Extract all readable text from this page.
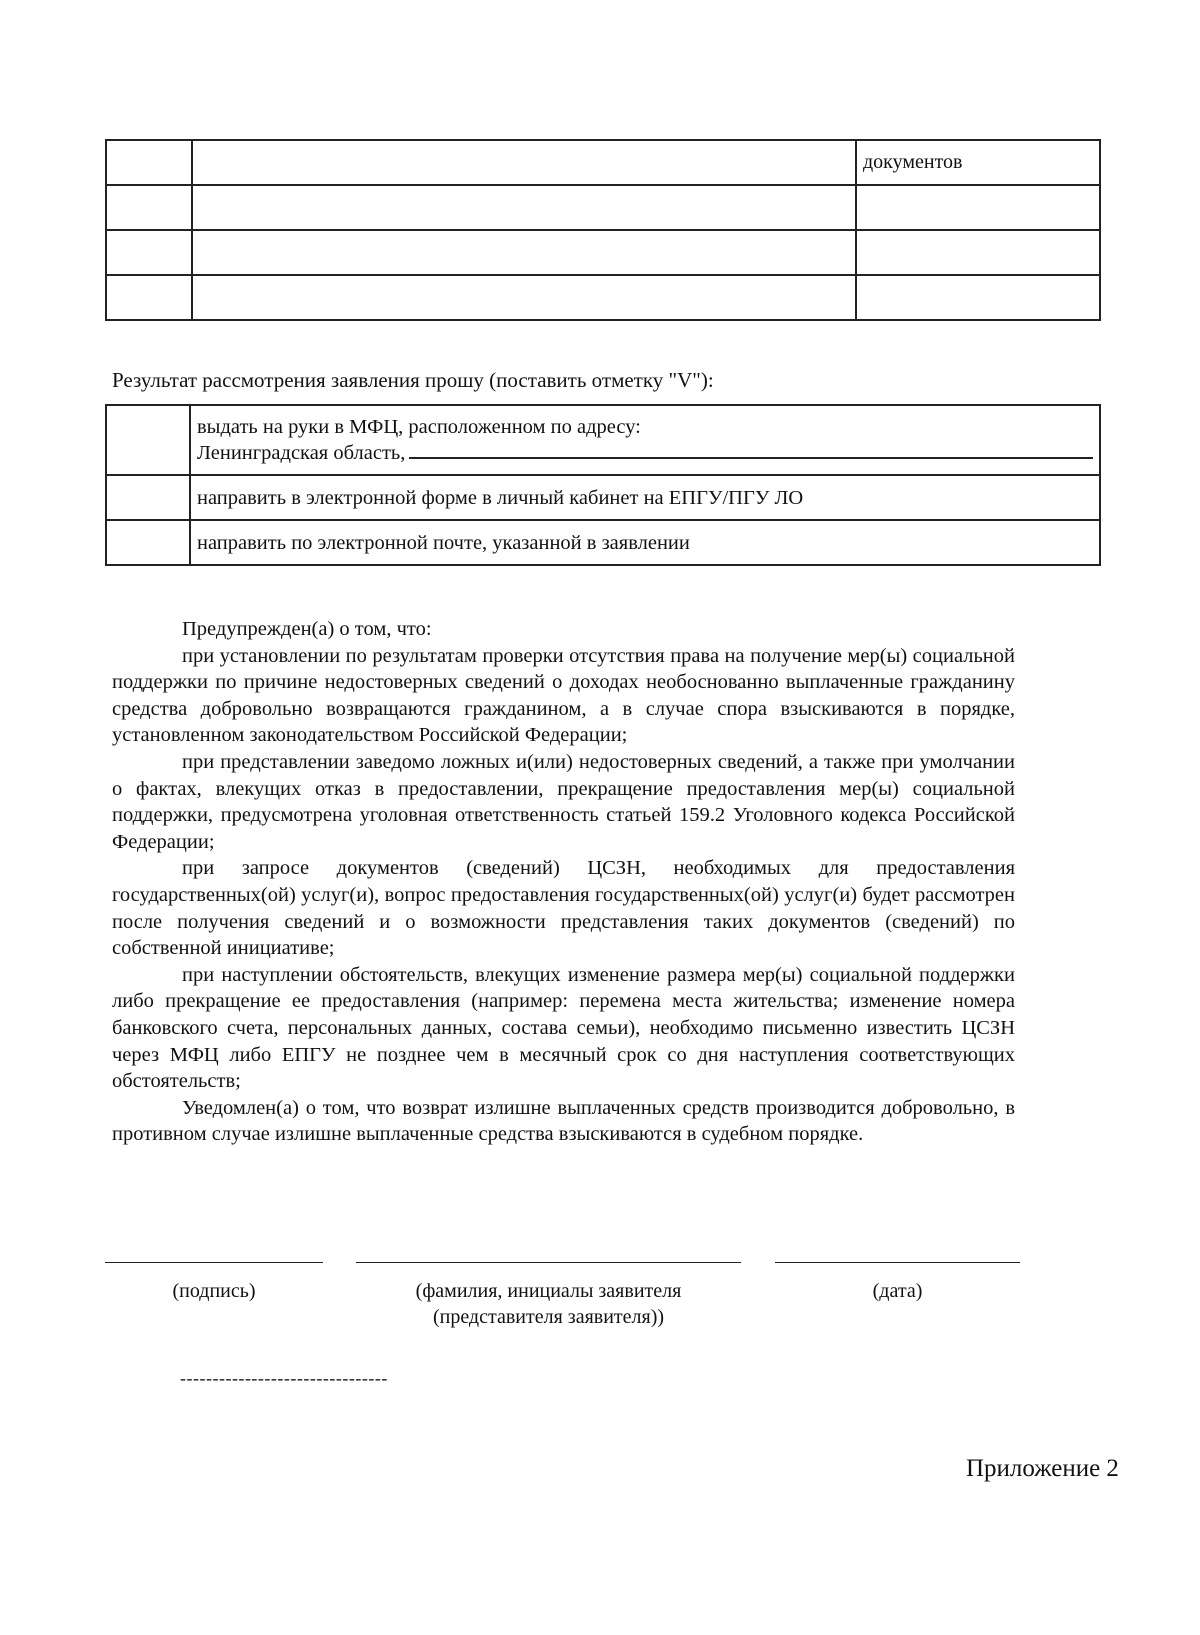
		документов

Результат рассмотрения заявления прошу (поставить отметку "V"):

	выдать на руки в МФЦ, расположенном по адресу:
Ленинградская область,

	направить в электронной форме в личный кабинет на ЕПГУ/ПГУ ЛО
	направить по электронной почте, указанной в заявлении

Предупрежден(а) о том, что:

при установлении по результатам проверки отсутствия права на получение мер(ы) социальной поддержки по причине недостоверных сведений о доходах необоснованно выплаченные гражданину средства добровольно возвращаются гражданином, а в случае спора взыскиваются в порядке, установленном законодательством Российской Федерации;

при представлении заведомо ложных и(или) недостоверных сведений, а также при умолчании о фактах, влекущих отказ в предоставлении, прекращение предоставления мер(ы) социальной поддержки, предусмотрена уголовная ответственность статьей 159.2 Уголовного кодекса Российской Федерации;

при запросе документов (сведений) ЦСЗН, необходимых для предоставления государственных(ой) услуг(и), вопрос предоставления государственных(ой) услуг(и) будет рассмотрен после получения сведений и о возможности представления таких документов (сведений) по собственной инициативе;

при наступлении обстоятельств, влекущих изменение размера мер(ы) социальной поддержки либо прекращение ее предоставления (например: перемена места жительства; изменение номера банковского счета, персональных данных, состава семьи), необходимо письменно известить ЦСЗН через МФЦ либо ЕПГУ не позднее чем в месячный срок со дня наступления соответствующих обстоятельств;

Уведомлен(а) о том, что возврат излишне выплаченных средств производится добровольно, в противном случае излишне выплаченные средства взыскиваются в судебном порядке.

(подпись)	(фамилия, инициалы заявителя
(представителя заявителя))
(дата)
--------------------------------
Приложение 2
